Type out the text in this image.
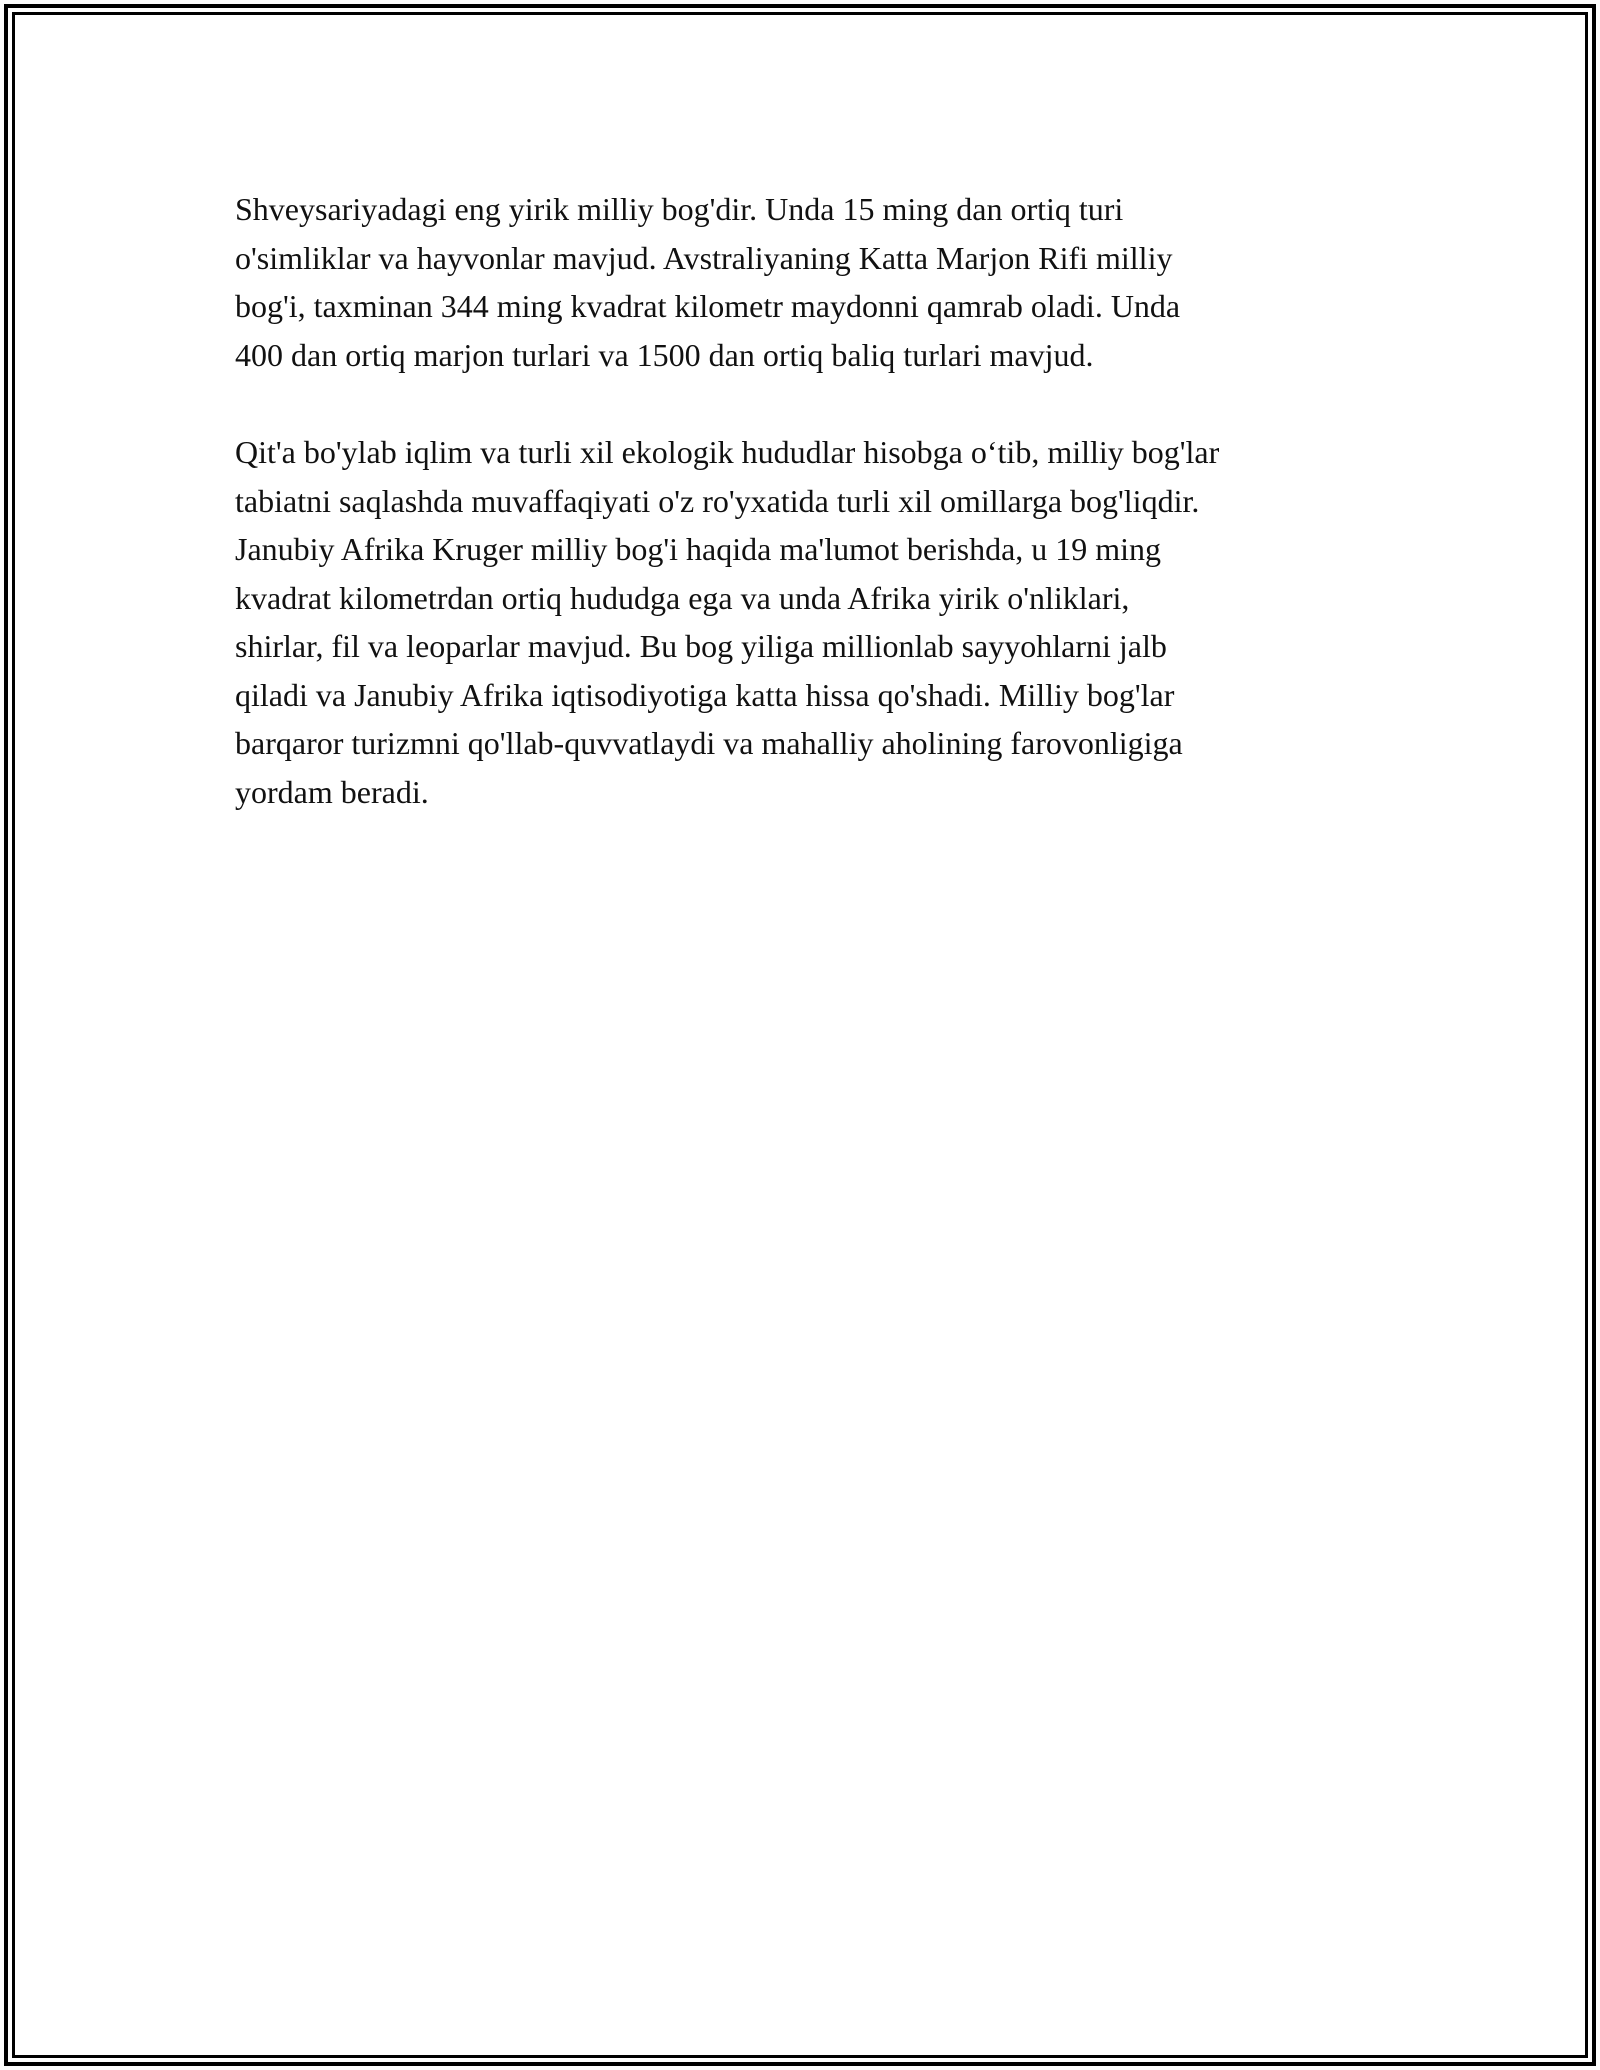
Shveysariyadagi eng yirik milliy bog'dir. Unda 15 ming dan ortiq turi
o'simliklar va hayvonlar mavjud. Avstraliyaning Katta Marjon Rifi milliy
bog'i, taxminan 344 ming kvadrat kilometr maydonni qamrab oladi. Unda
400 dan ortiq marjon turlari va 1500 dan ortiq baliq turlari mavjud.

Qit'a bo'ylab iqlim va turli xil ekologik hududlar hisobga o‘tib, milliy bog'lar
tabiatni saqlashda muvaffaqiyati o'z ro'yxatida turli xil omillarga bog'liqdir.
Janubiy Afrika Kruger milliy bog'i haqida ma'lumot berishda, u 19 ming
kvadrat kilometrdan ortiq hududga ega va unda Afrika yirik o'nliklari,
shirlar, fil va leoparlar mavjud. Bu bog yiliga millionlab sayyohlarni jalb
qiladi va Janubiy Afrika iqtisodiyotiga katta hissa qo'shadi. Milliy bog'lar
barqaror turizmni qo'llab-quvvatlaydi va mahalliy aholining farovonligiga
yordam beradi.
